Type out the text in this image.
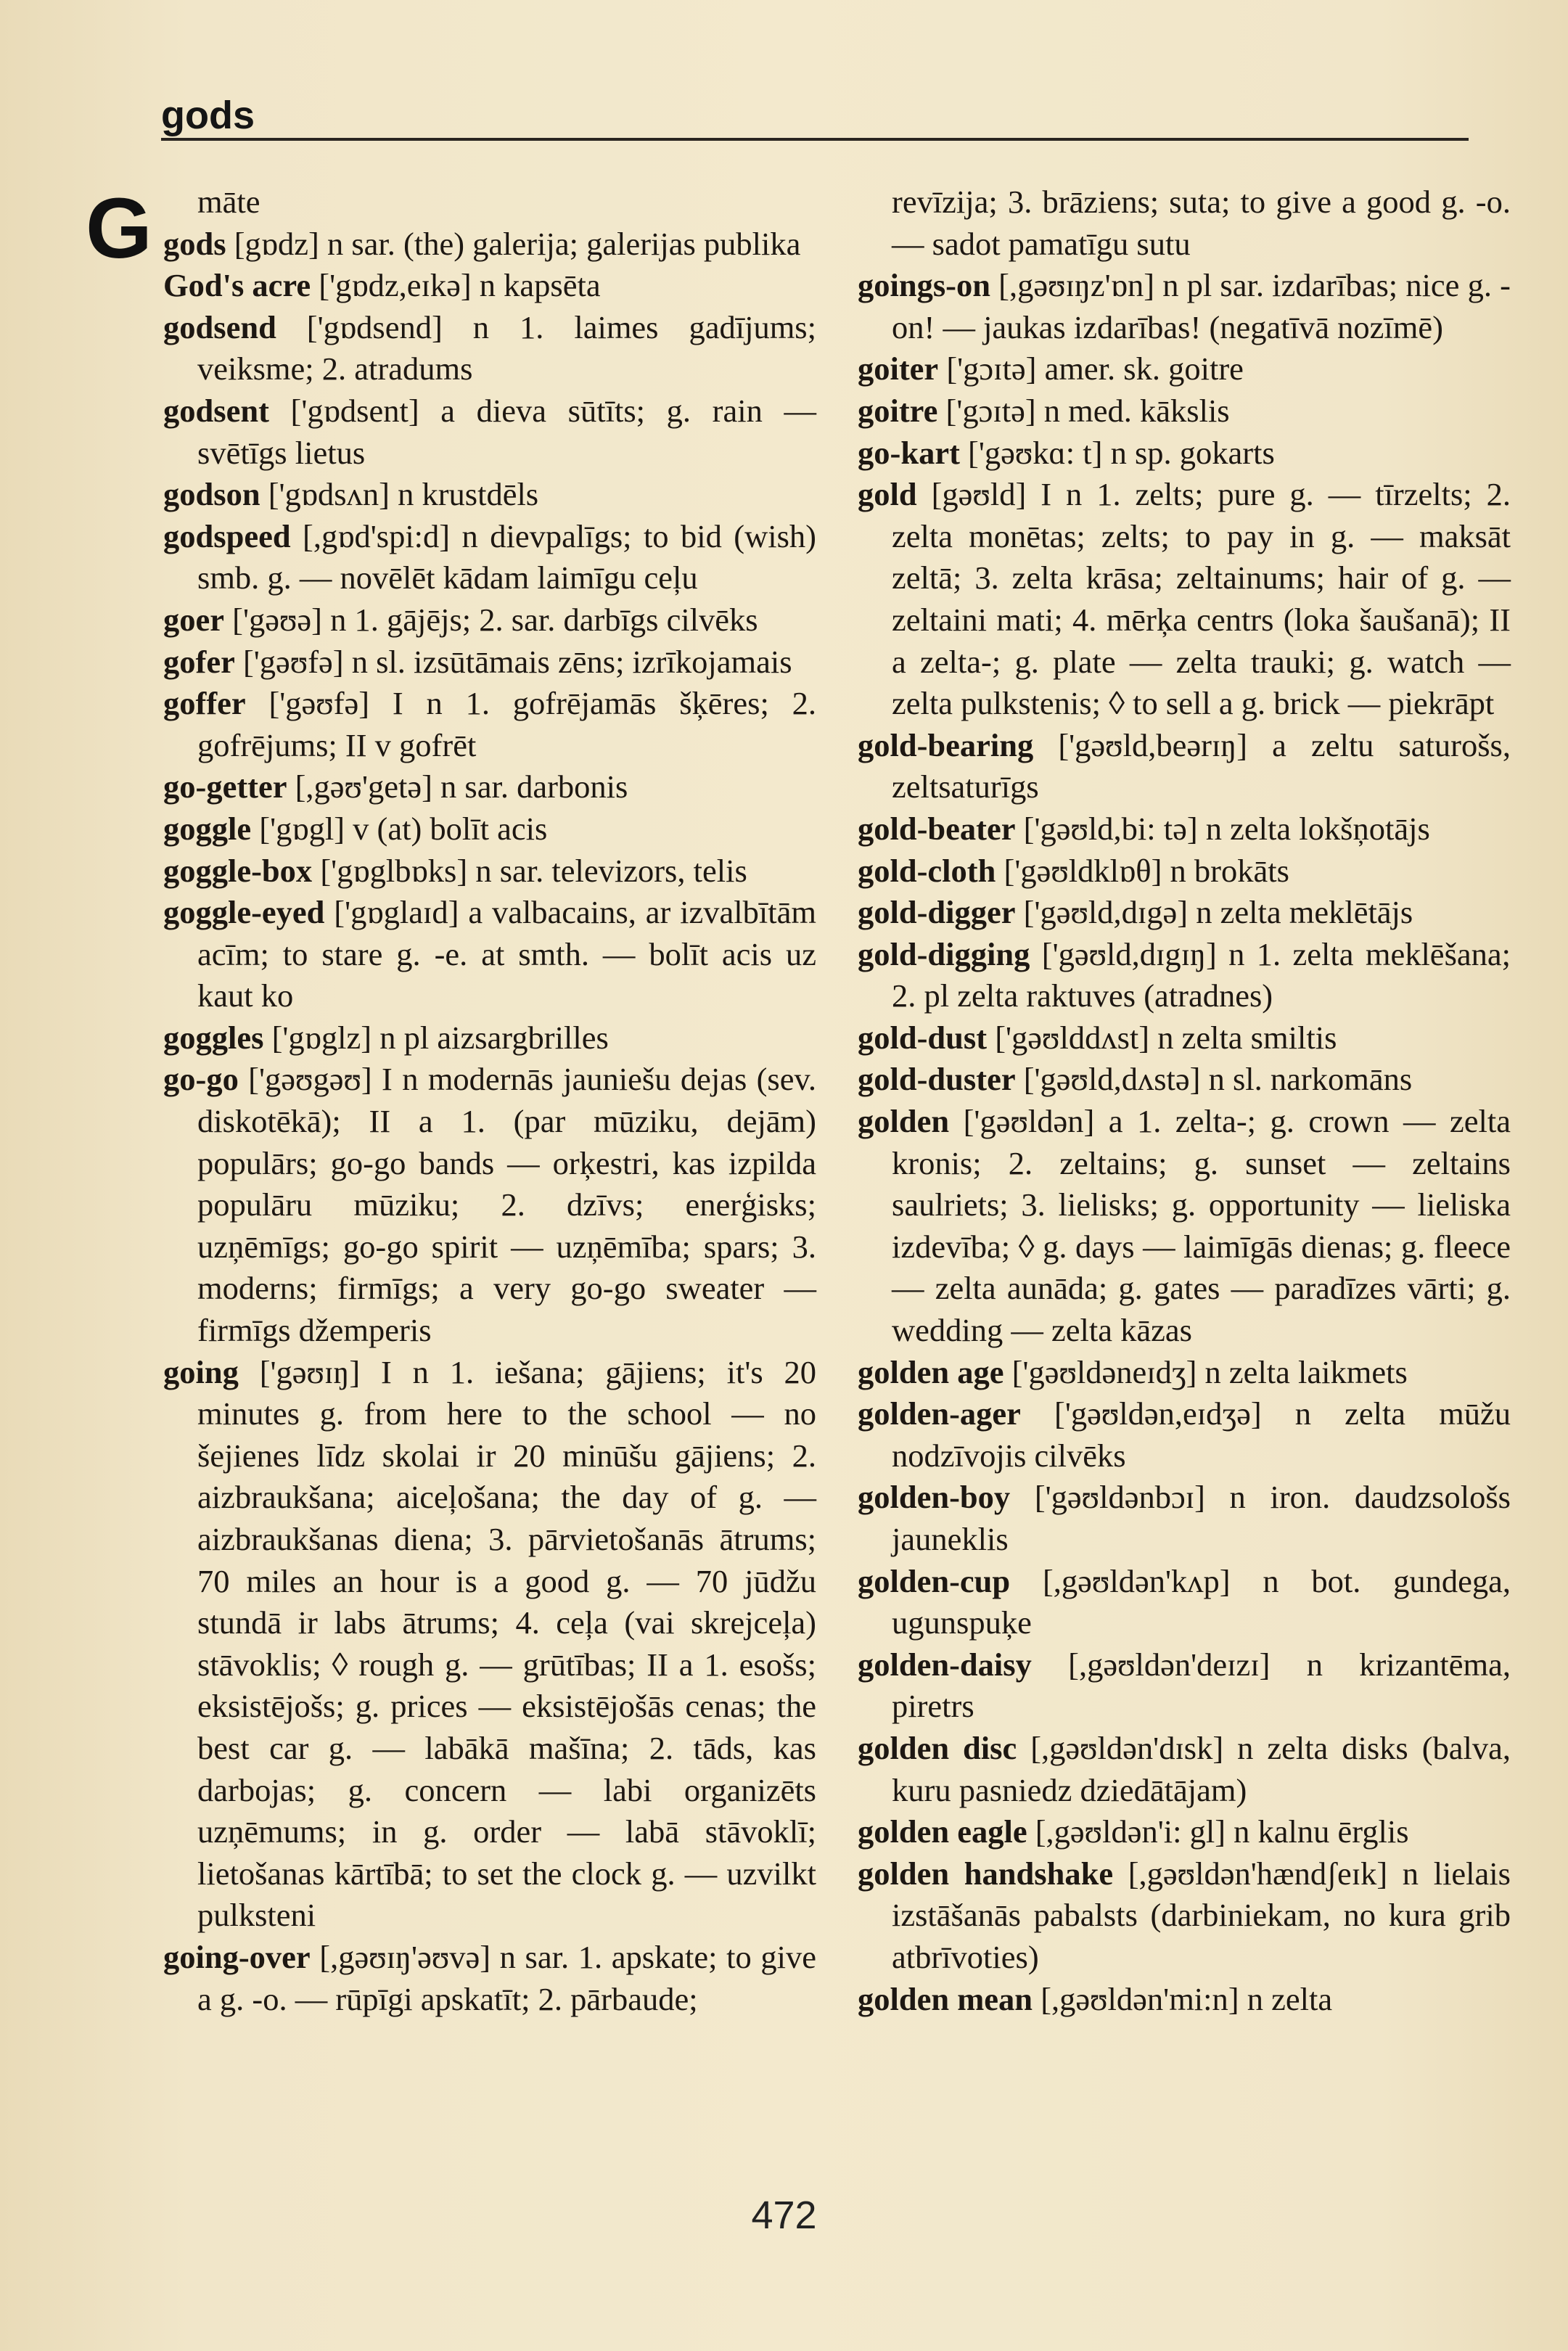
gods
G	māte

gods [gɒdz] n sar. (the) galerija; galerijas publika

God's acre ['gɒdz,eɪkə] n kapsēta

godsend ['gɒdsend] n 1. laimes gadījums; veiksme; 2. atradums

godsent ['gɒdsent] a dieva sūtīts; g. rain — svētīgs lietus

godson ['gɒdsʌn] n krustdēls

godspeed [,gɒd'spi:d] n dievpalīgs; to bid (wish) smb. g. — novēlēt kādam laimīgu ceļu

goer ['gəʊə] n 1. gājējs; 2. sar. darbīgs cilvēks

gofer ['gəʊfə] n sl. izsūtāmais zēns; izrīkojamais

goffer ['gəʊfə] I n 1. gofrējamās šķēres; 2. gofrējums; II v gofrēt

go-getter [,gəʊ'getə] n sar. darbonis

goggle ['gɒgl] v (at) bolīt acis

goggle-box ['gɒglbɒks] n sar. televizors, telis

goggle-eyed ['gɒglaɪd] a valbacains, ar izvalbītām acīm; to stare g. -e. at smth. — bolīt acis uz kaut ko

goggles ['gɒglz] n pl aizsargbrilles

go-go ['gəʊgəʊ] I n modernās jauniešu dejas (sev. diskotēkā); II a 1. (par mūziku, dejām) populārs; go-go bands — orķestri, kas izpilda populāru mūziku; 2. dzīvs; enerģisks; uzņēmīgs; go-go spirit — uzņēmība; spars; 3. moderns; firmīgs; a very go-go sweater — firmīgs džemperis

going ['gəʊɪŋ] I n 1. iešana; gājiens; it's 20 minutes g. from here to the school — no šejienes līdz skolai ir 20 minūšu gājiens; 2. aizbraukšana; aiceļošana; the day of g. — aizbraukšanas diena; 3. pārvietošanās ātrums; 70 miles an hour is a good g. — 70 jūdžu stundā ir labs ātrums; 4. ceļa (vai skrejceļa) stāvoklis; ◊ rough g. — grūtības; II a 1. esošs; eksistējošs; g. prices — eksistējošās cenas; the best car g. — labākā mašīna; 2. tāds, kas darbojas; g. concern — labi organizēts uzņēmums; in g. order — labā stāvoklī; lietošanas kārtībā; to set the clock g. — uzvilkt pulksteni

going-over [,gəʊɪŋ'əʊvə] n sar. 1. apskate; to give a g. -o. — rūpīgi apskatīt; 2. pārbaude;

revīzija; 3. brāziens; suta; to give a good g. -o. — sadot pamatīgu sutu

goings-on [,gəʊɪŋz'ɒn] n pl sar. izdarības; nice g. -on! — jaukas izdarības! (negatīvā nozīmē)

goiter ['gɔɪtə] amer. sk. goitre

goitre ['gɔɪtə] n med. kākslis

go-kart ['gəʊkɑ: t] n sp. gokarts

gold [gəʊld] I n 1. zelts; pure g. — tīrzelts; 2. zelta monētas; zelts; to pay in g. — maksāt zeltā; 3. zelta krāsa; zeltainums; hair of g. — zeltaini mati; 4. mērķa centrs (loka šaušanā); II a zelta-; g. plate — zelta trauki; g. watch — zelta pulkstenis; ◊ to sell a g. brick — piekrāpt

gold-bearing ['gəʊld,beərɪŋ] a zeltu saturošs, zeltsaturīgs

gold-beater ['gəʊld,bi: tə] n zelta lokšņotājs

gold-cloth ['gəʊldklɒθ] n brokāts

gold-digger ['gəʊld,dɪgə] n zelta meklētājs

gold-digging ['gəʊld,dɪgɪŋ] n 1. zelta meklēšana; 2. pl zelta raktuves (atradnes)

gold-dust ['gəʊlddʌst] n zelta smiltis

gold-duster ['gəʊld,dʌstə] n sl. narkomāns

golden ['gəʊldən] a 1. zelta-; g. crown — zelta kronis; 2. zeltains; g. sunset — zeltains saulriets; 3. lielisks; g. opportunity — lieliska izdevība; ◊ g. days — laimīgās dienas; g. fleece — zelta aunāda; g. gates — paradīzes vārti; g. wedding — zelta kāzas

golden age ['gəʊldəneɪdʒ] n zelta laikmets

golden-ager ['gəʊldən,eɪdʒə] n zelta mūžu nodzīvojis cilvēks

golden-boy ['gəʊldənbɔɪ] n iron. daudzsološs jauneklis

golden-cup [,gəʊldən'kʌp] n bot. gundega, ugunspuķe

golden-daisy [,gəʊldən'deɪzɪ] n krizantēma, piretrs

golden disc [,gəʊldən'dɪsk] n zelta disks (balva, kuru pasniedz dziedātājam)

golden eagle [,gəʊldən'i: gl] n kalnu ērglis

golden handshake [,gəʊldən'hændʃeɪk] n lielais izstāšanās pabalsts (darbiniekam, no kura grib atbrīvoties)

golden mean [,gəʊldən'mi:n] n zelta

472
